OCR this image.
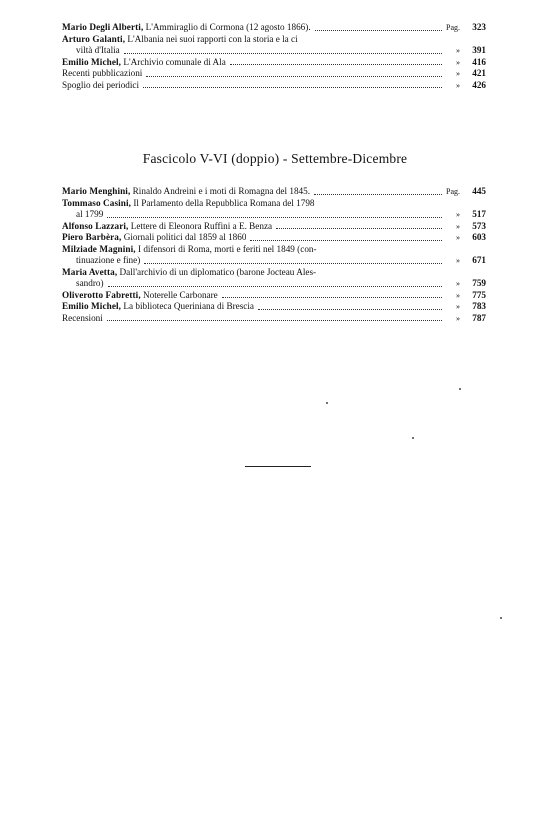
Mario Degli Alberti, L'Ammiraglio di Cormona (12 agosto 1866).	Pag.	323
Arturo Galanti, L'Albania nei suoi rapporti con la storia e la ci
viltà d'Italia	»	391
Emilio Michel, L'Archivio comunale di Ala	»	416
Recenti pubblicazioni	»	421
Spoglio dei periodici	»	426
Fascicolo V-VI (doppio) - Settembre-Dicembre
Mario Menghini, Rinaldo Andreini e i moti di Romagna del 1845.	Pag.	445
Tommaso Casini, Il Parlamento della Repubblica Romana del 1798
al 1799	»	517
Alfonso Lazzari, Lettere di Eleonora Ruffini a E. Benza	»	573
Piero Barbèra, Giornali politici dal 1859 al 1860	»	603
Milziade Magnini, I difensori di Roma, morti e feriti nel 1849 (con-
tinuazione e fine)	»	671
Maria Avetta, Dall'archivio di un diplomatico (barone Jocteau Ales-
sandro)	»	759
Oliverotto Fabretti, Noterelle Carbonare	»	775
Emilio Michel, La biblioteca Queriniana di Brescia	»	783
Recensioni	»	787
